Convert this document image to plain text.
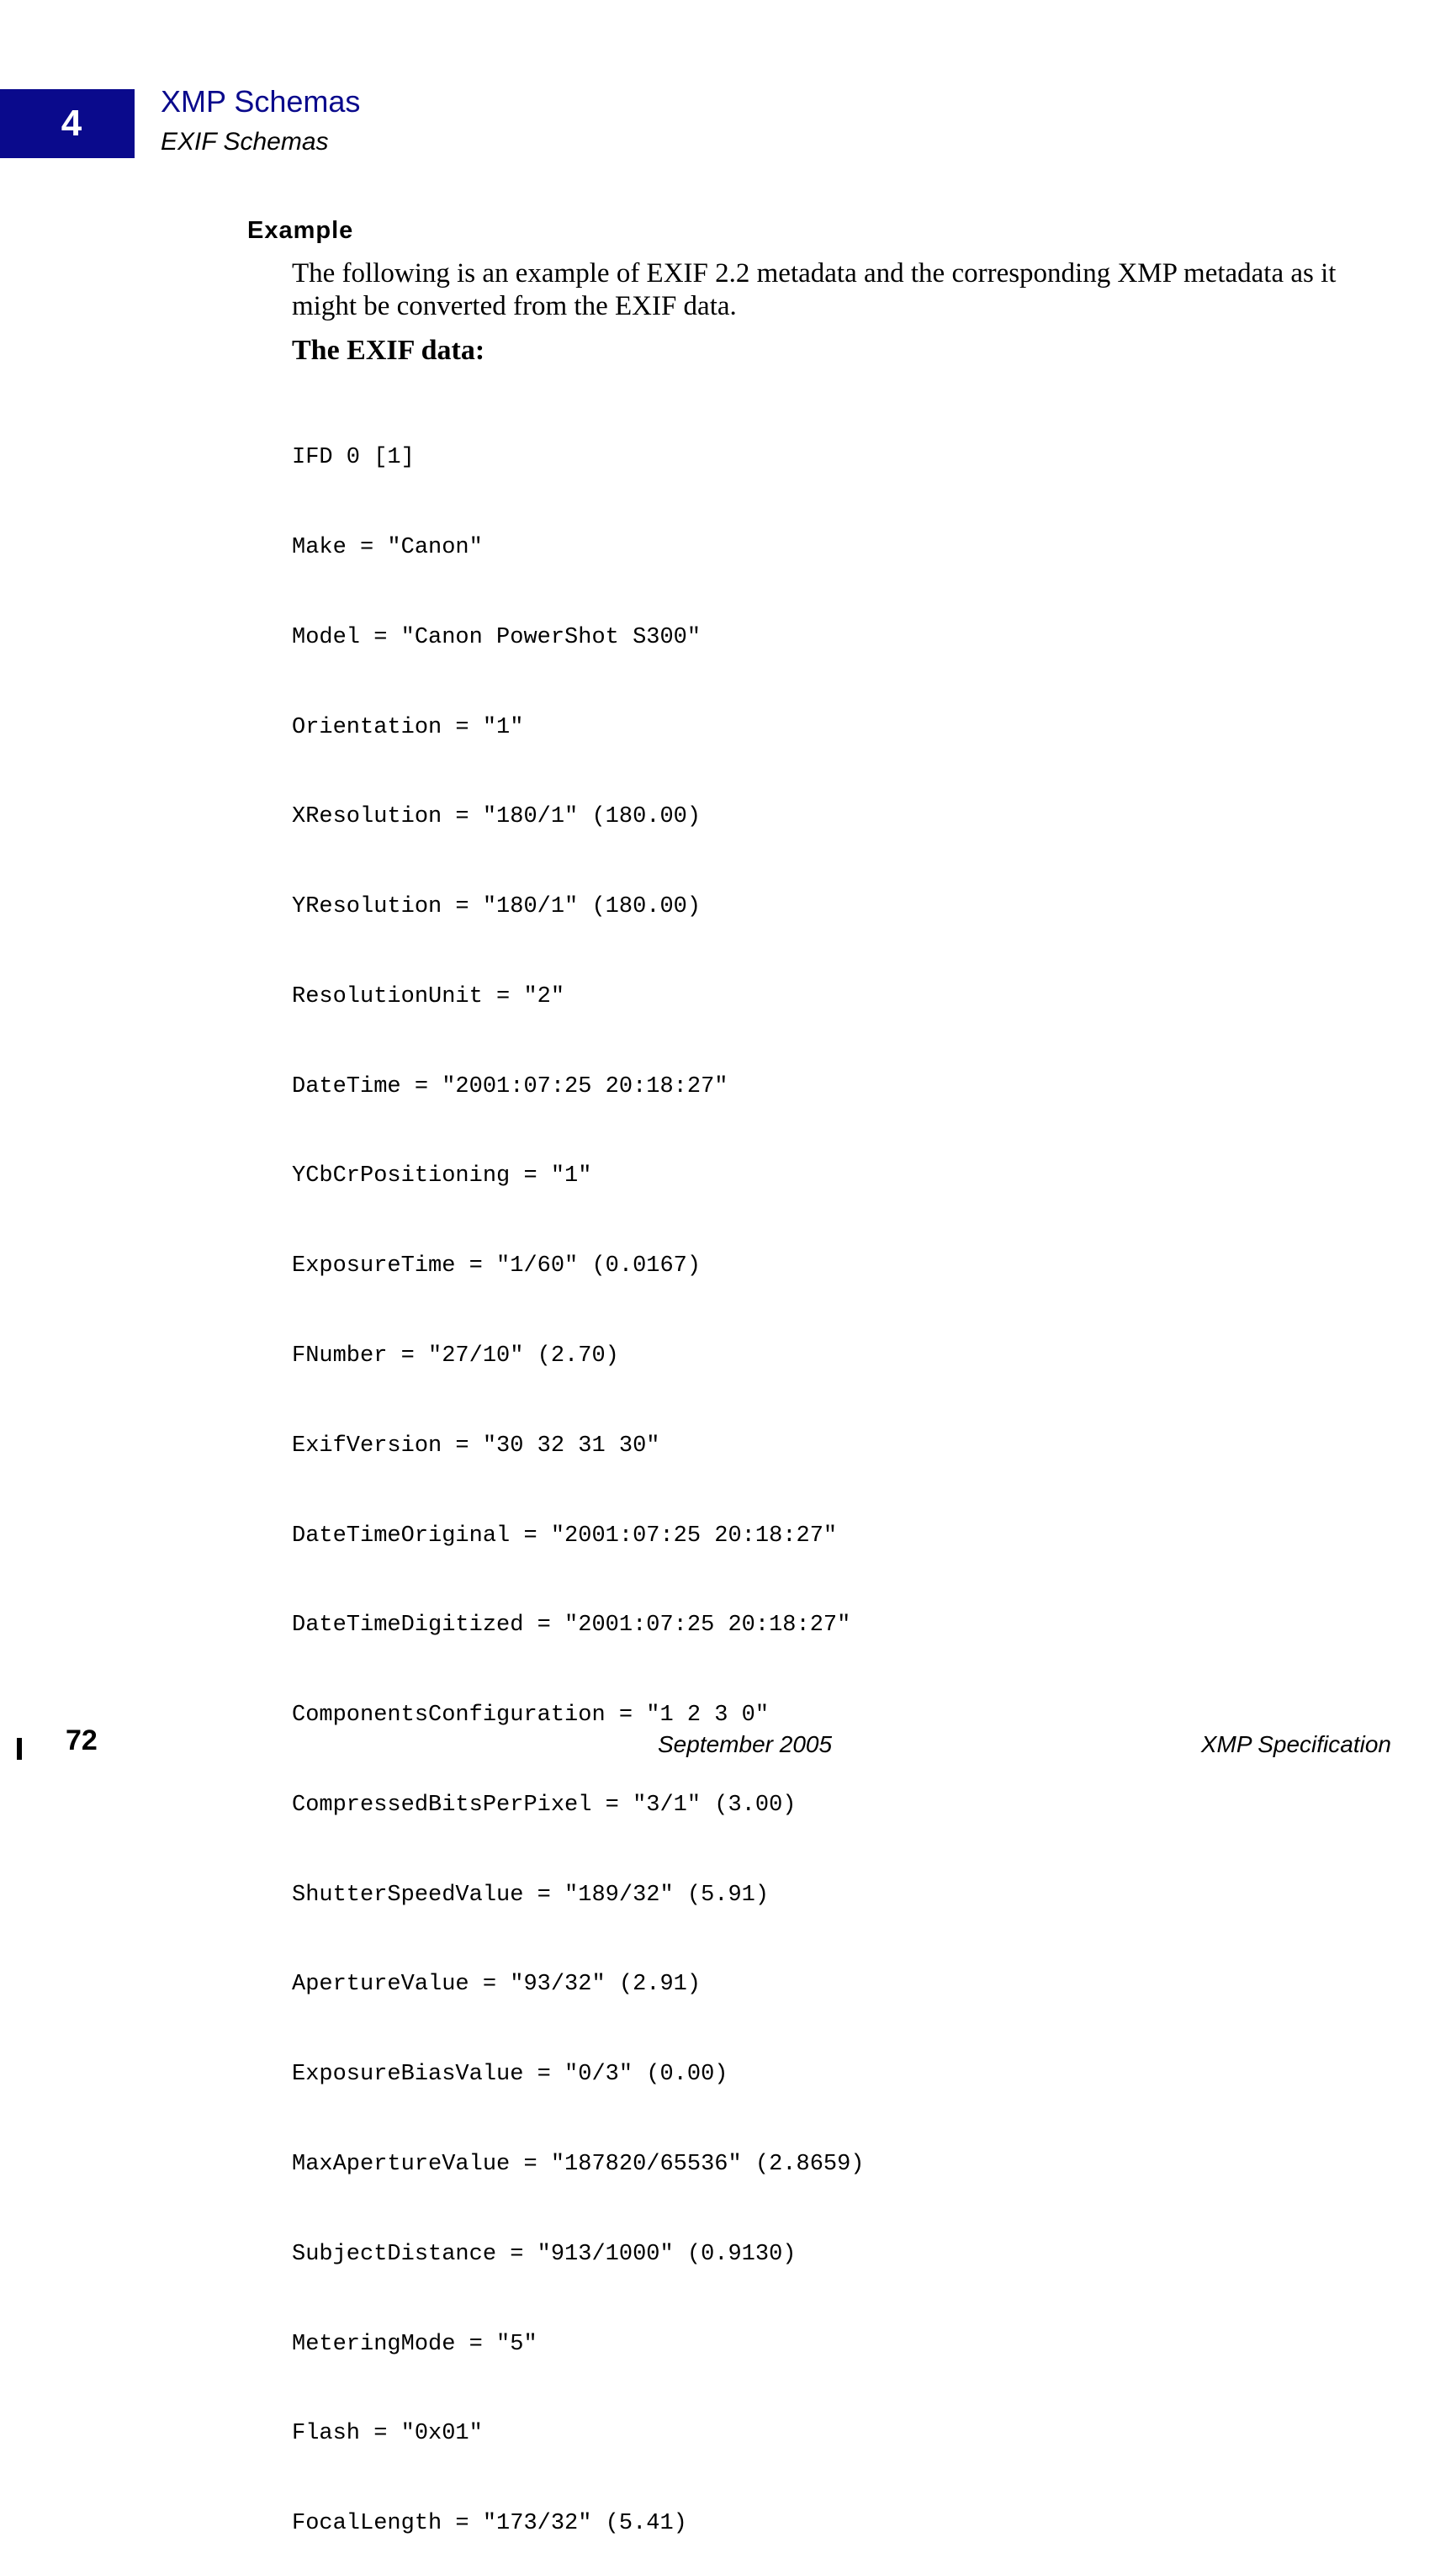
4
XMP Schemas
EXIF Schemas
Example

The following is an example of EXIF 2.2 metadata and the corresponding XMP metadata as it might be converted from the EXIF data.

The EXIF data:

IFD 0 [1]

Make = "Canon"

Model = "Canon PowerShot S300"

Orientation = "1"

XResolution = "180/1" (180.00)

YResolution = "180/1" (180.00)

ResolutionUnit = "2"

DateTime = "2001:07:25 20:18:27"

YCbCrPositioning = "1"

ExposureTime = "1/60" (0.0167)

FNumber = "27/10" (2.70)

ExifVersion = "30 32 31 30"

DateTimeOriginal = "2001:07:25 20:18:27"

DateTimeDigitized = "2001:07:25 20:18:27"

ComponentsConfiguration = "1 2 3 0"

CompressedBitsPerPixel = "3/1" (3.00)

ShutterSpeedValue = "189/32" (5.91)

ApertureValue = "93/32" (2.91)

ExposureBiasValue = "0/3" (0.00)

MaxApertureValue = "187820/65536" (2.8659)

SubjectDistance = "913/1000" (0.9130)

MeteringMode = "5"

Flash = "0x01"

FocalLength = "173/32" (5.41)

72	September 2005	XMP Specification
